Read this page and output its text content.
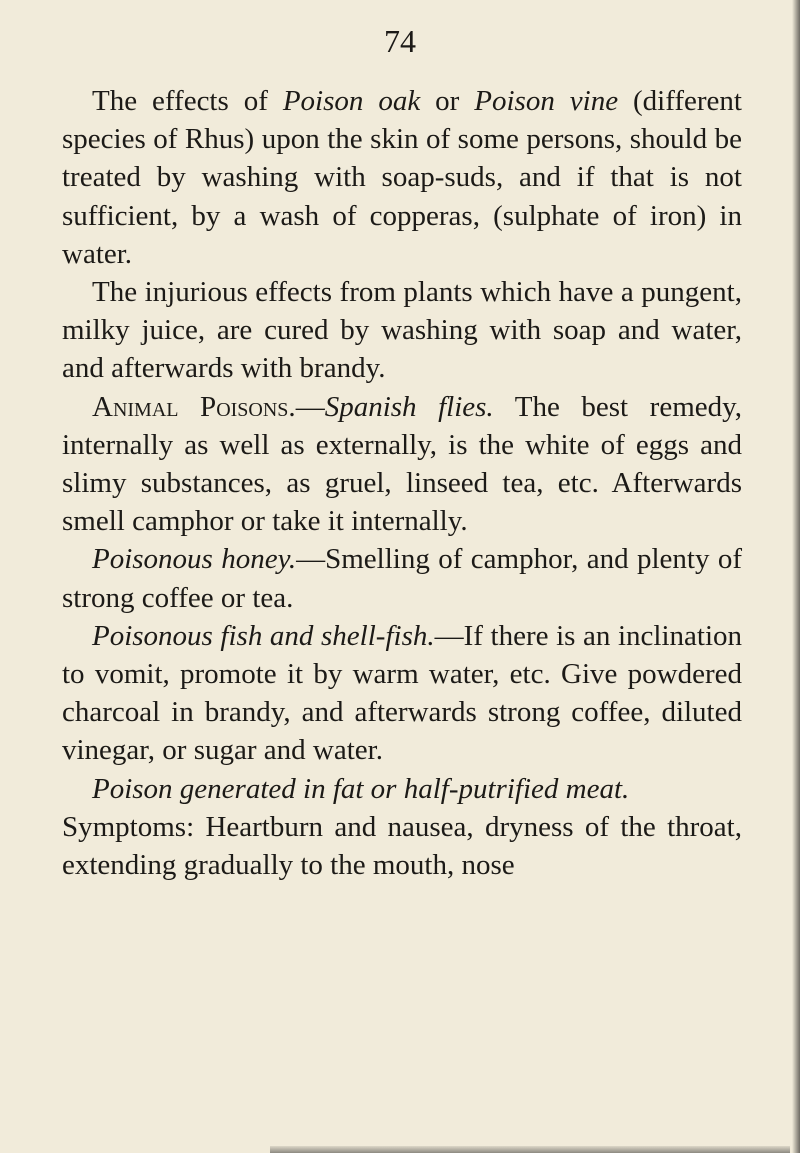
74

The effects of Poison oak or Poison vine (different species of Rhus) upon the skin of some persons, should be treated by washing with soap-suds, and if that is not sufficient, by a wash of copperas, (sulphate of iron) in water.

The injurious effects from plants which have a pungent, milky juice, are cured by washing with soap and water, and afterwards with brandy.

Animal Poisons.—Spanish flies. The best remedy, internally as well as externally, is the white of eggs and slimy substances, as gruel, linseed tea, etc. Afterwards smell camphor or take it internally.

Poisonous honey.—Smelling of camphor, and plenty of strong coffee or tea.

Poisonous fish and shell-fish.—If there is an inclination to vomit, promote it by warm water, etc. Give powdered charcoal in brandy, and afterwards strong coffee, diluted vinegar, or sugar and water.

Poison generated in fat or half-putrified meat.
Symptoms: Heartburn and nausea, dryness of the throat, extending gradually to the mouth, nose
